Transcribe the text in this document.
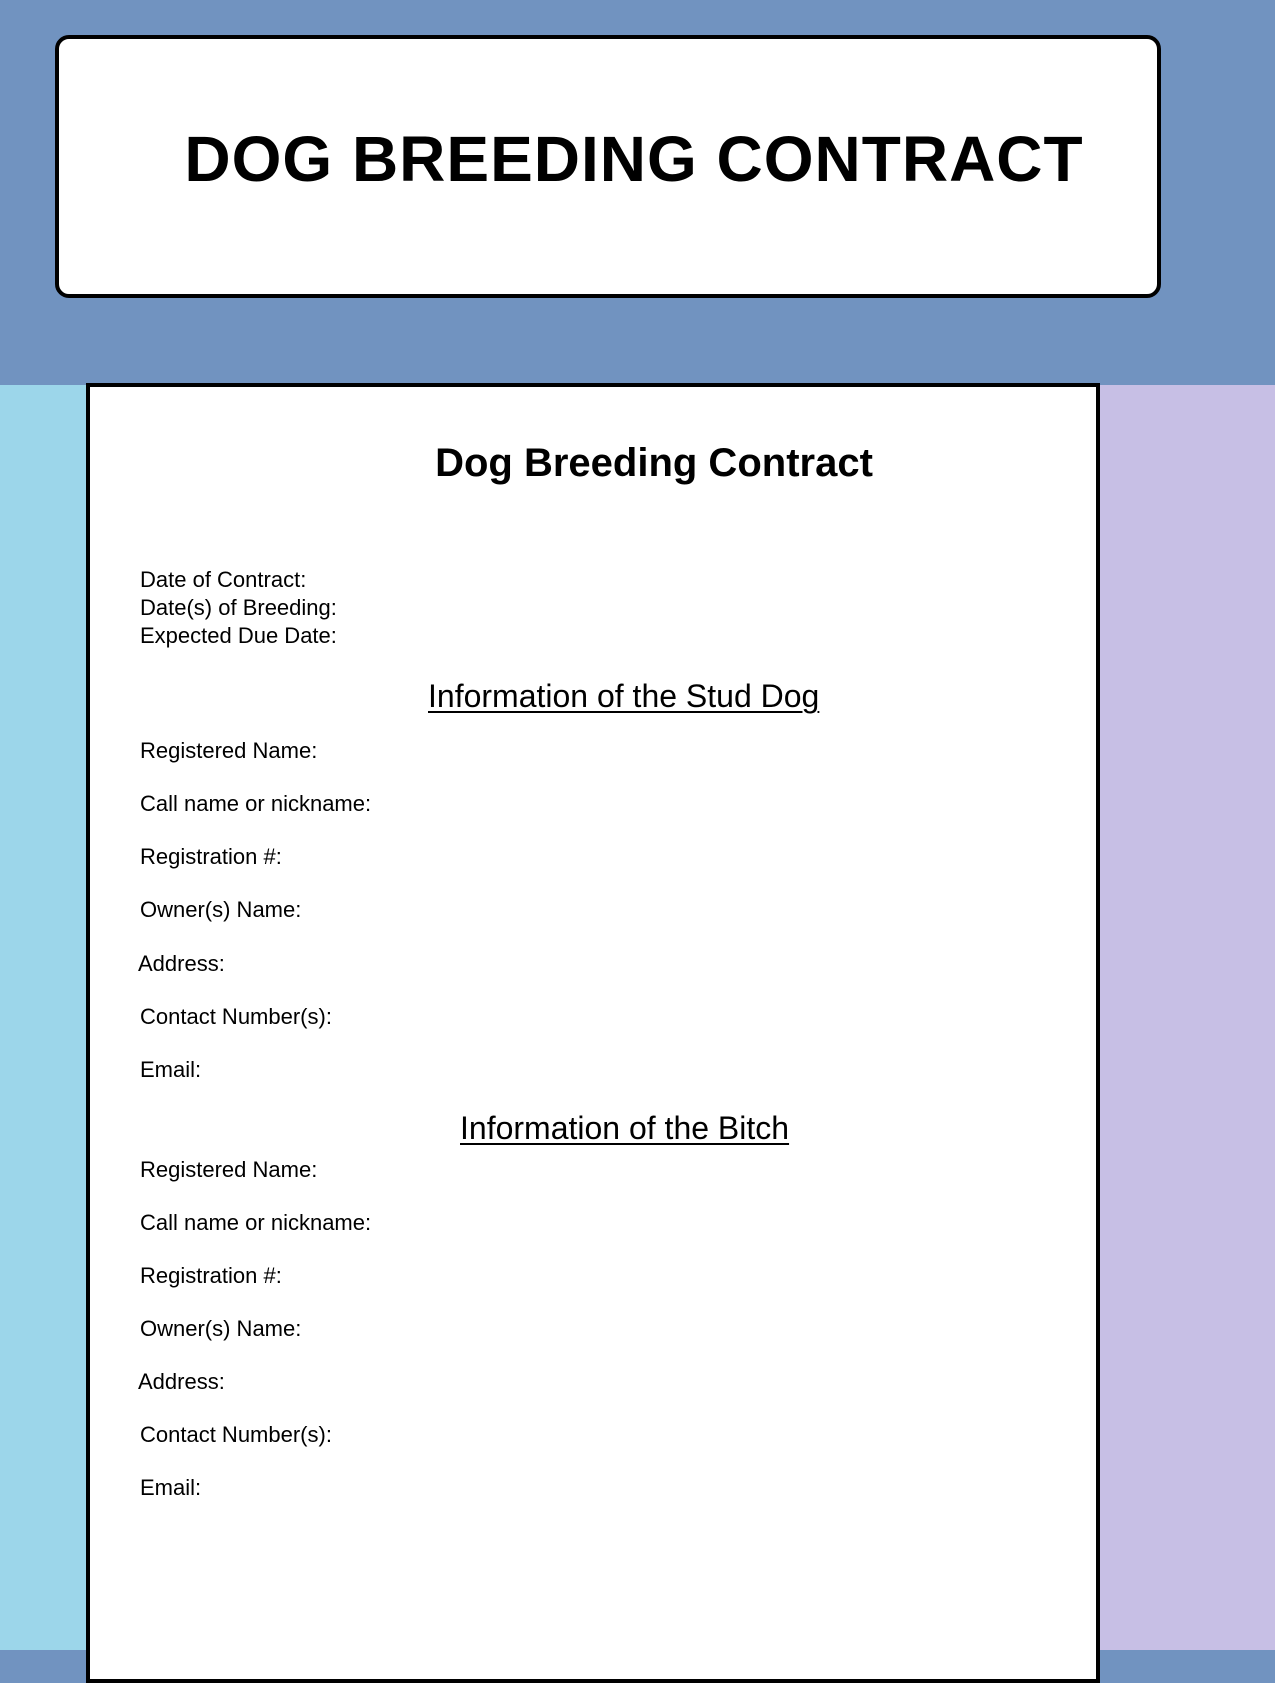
DOG BREEDING CONTRACT
Dog Breeding Contract

Date of Contract:

Date(s) of Breeding:

Expected Due Date:

Information of the Stud Dog

Registered Name:

Call name or nickname:

Registration #:

Owner(s) Name:

Address:

Contact Number(s):

Email:

Information of the Bitch

Registered Name:

Call name or nickname:

Registration #:

Owner(s) Name:

Address:

Contact Number(s):

Email:
